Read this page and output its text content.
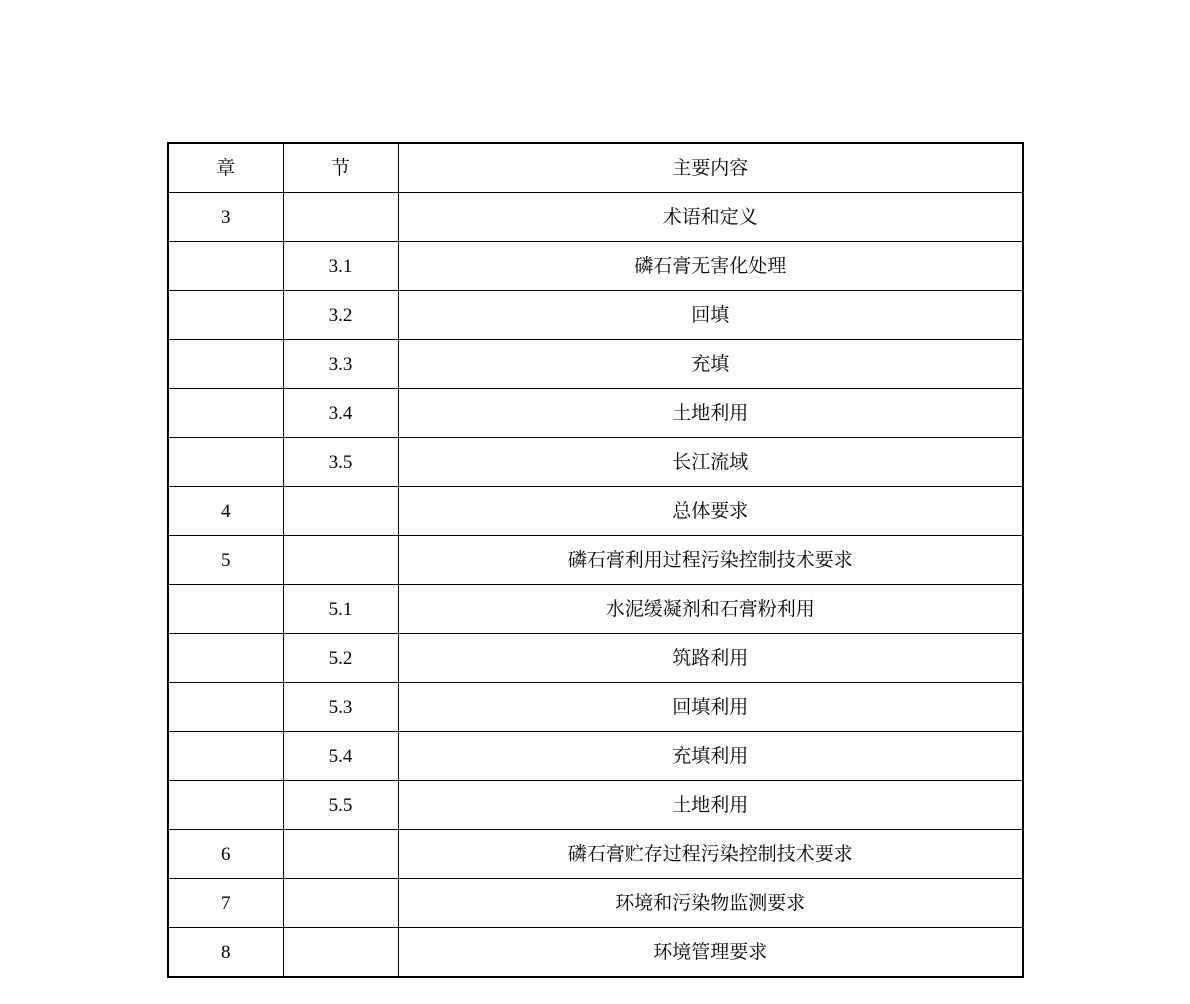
章	节	主要内容
3		术语和定义
	3.1	磷石膏无害化处理
	3.2	回填
	3.3	充填
	3.4	土地利用
	3.5	长江流域
4		总体要求
5		磷石膏利用过程污染控制技术要求
	5.1	水泥缓凝剂和石膏粉利用
	5.2	筑路利用
	5.3	回填利用
	5.4	充填利用
	5.5	土地利用
6		磷石膏贮存过程污染控制技术要求
7		环境和污染物监测要求
8		环境管理要求
